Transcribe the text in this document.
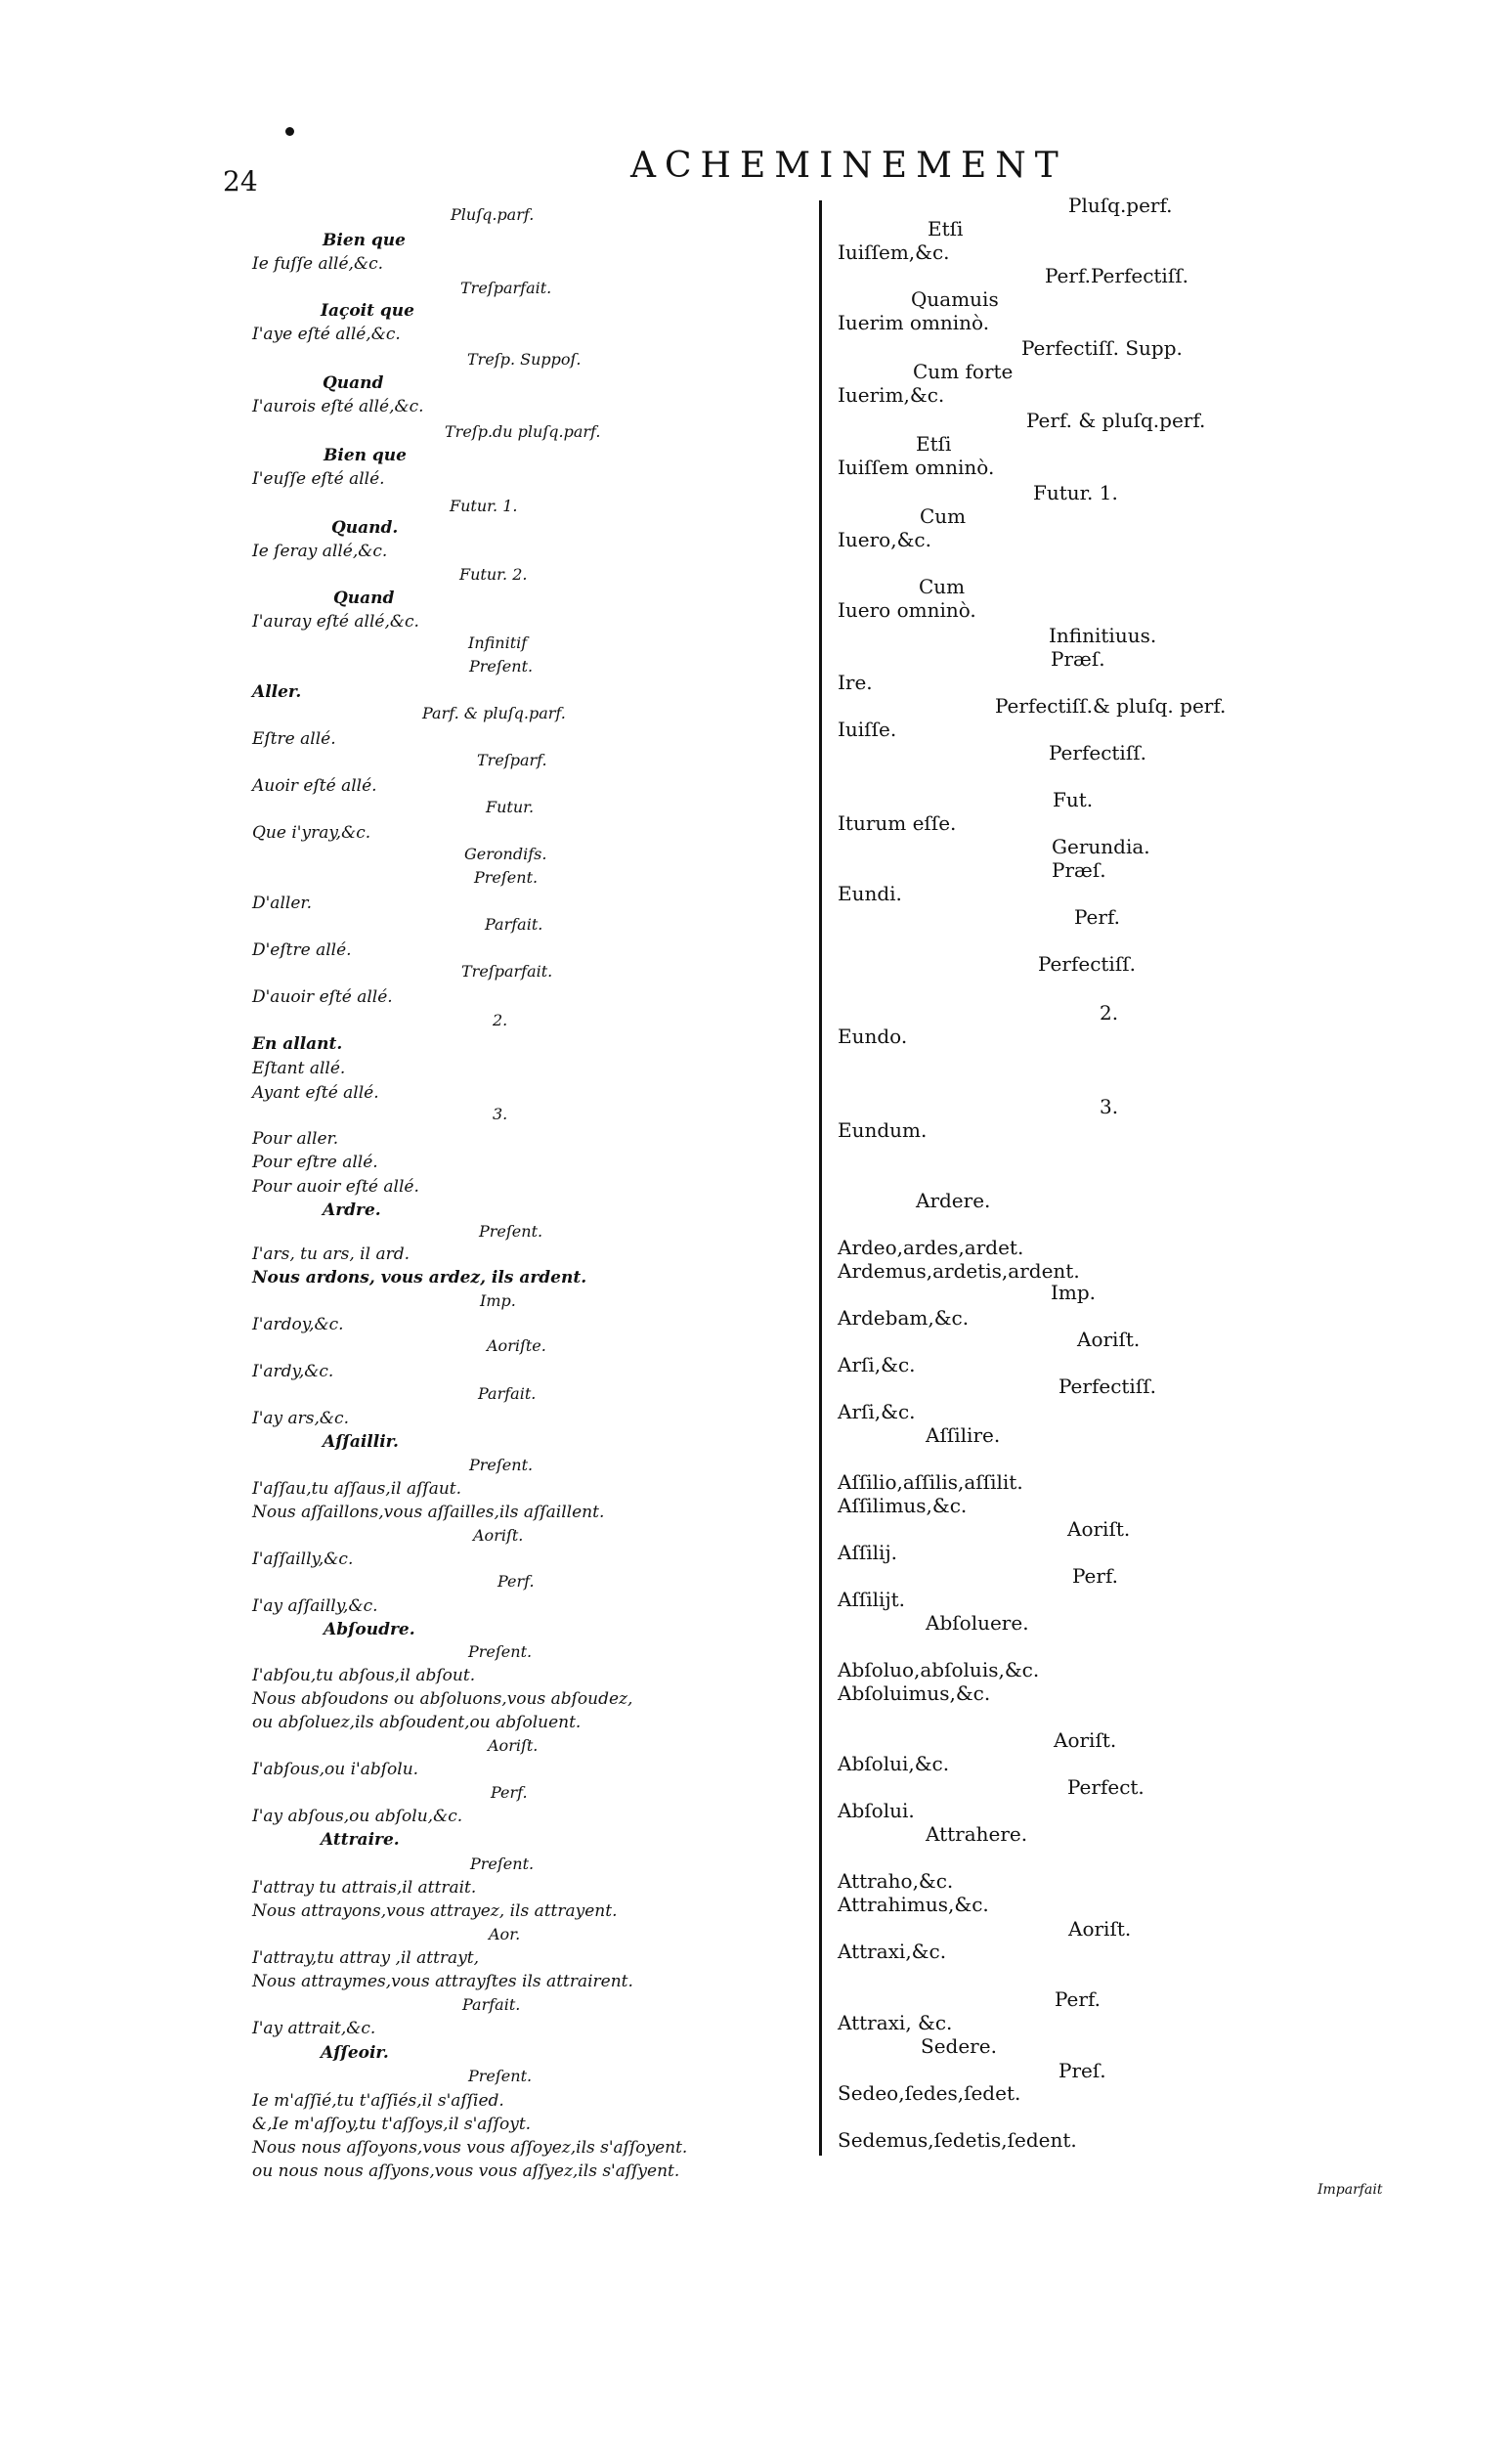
24	ACHEMINEMENT
Pluſq.parf.
Treſparfait.
Treſp. Suppoſ.
Treſp.du pluſq.parf.
Futur. 1.
Futur. 2.
Infinitif
Preſent.
Parf. & pluſq.parf.
Treſparf.
Futur.
Gerondifs.
Preſent.
Parfait.
Treſparfait.
2.
3.
Preſent.
Imp.
Aoriſte.
Parfait.
Preſent.
Aoriſt.
Perf.
Preſent.
Aoriſt.
Perf.
Preſent.
Aor.
Parfait.
Preſent.
Bien que
Ie fuſſe allé,&c.
Iaçoit que
I'aye eſté allé,&c.
Quand
I'aurois eſté allé,&c.
Bien que
I'euſſe eſté allé.
Quand.
Ie ſeray allé,&c.
Quand
I'auray eſté allé,&c.
Aller.
Eſtre allé.
Auoir eſté allé.
Que i'yray,&c.
D'aller.
D'eſtre allé.
D'auoir eſté allé.
En allant.
Eſtant allé.
Ayant eſté allé.
Pour aller.
Pour eſtre allé.
Pour auoir eſté allé.
Ardre.
I'ars, tu ars, il ard.
Nous ardons, vous ardez, ils ardent.
I'ardoy,&c.
I'ardy,&c.
I'ay ars,&c.
Aſſaillir.
I'aſſau,tu aſſaus,il aſſaut.
Nous aſſaillons,vous aſſailles,ils aſſaillent.
I'aſſailly,&c.
I'ay aſſailly,&c.
Abſoudre.
I'abſou,tu abſous,il abſout.
Nous abſoudons ou abſoluons,vous abſoudez,
ou abſoluez,ils abſoudent,ou abſoluent.
I'abſous,ou i'abſolu.
I'ay abſous,ou abſolu,&c.
Attraire.
I'attray tu attrais,il attrait.
Nous attrayons,vous attrayez, ils attrayent.
I'attray,tu attray ,il attrayt,
Nous attraymes,vous attrayſtes ils attrairent.
I'ay attrait,&c.
Aſſeoir.
Ie m'aſſié,tu t'aſſiés,il s'aſſied.
&,Ie m'aſſoy,tu t'aſſoys,il s'aſſoyt.
Nous nous aſſoyons,vous vous aſſoyez,ils s'aſſoyent.
ou nous nous aſſyons,vous vous aſſyez,ils s'aſſyent.
Pluſq.perf.
Perf.Perfectiſſ.
Perfectiſſ. Supp.
Perf. & pluſq.perf.
Futur. 1.
Infinitiuus.
Præſ.
Perfectiſſ.& pluſq. perf.
Perfectiſſ.
Fut.
Gerundia.
Præſ.
Perf.
Perfectiſſ.
2.
3.
Imp.
Aoriſt.
Perfectiſſ.
Aoriſt.
Perf.
Aoriſt.
Perfect.
Aoriſt.
Perf.
Preſ.
Etſi
Iuiſſem,&c.
Quamuis
Iuerim omninò.
Cum forte
Iuerim,&c.
Etſi
Iuiſſem omninò.
Cum
Iuero,&c.
Cum
Iuero omninò.
Ire.
Iuiſſe.
Iturum eſſe.
Eundi.
Eundo.
Eundum.
Ardere.
Ardeo,ardes,ardet.
Ardemus,ardetis,ardent.
Ardebam,&c.
Arſi,&c.
Arſi,&c.
Aſſilire.
Aſſilio,aſſilis,aſſilit.
Aſſilimus,&c.
Aſſilij.
Aſſilijt.
Abſoluere.
Abſoluo,abſoluis,&c.
Abſoluimus,&c.
Abſolui,&c.
Abſolui.
Attrahere.
Attraho,&c.
Attrahimus,&c.
Attraxi,&c.
Attraxi, &c.
Sedere.
Sedeo,ſedes,ſedet.
Sedemus,ſedetis,ſedent.
Imparfait
